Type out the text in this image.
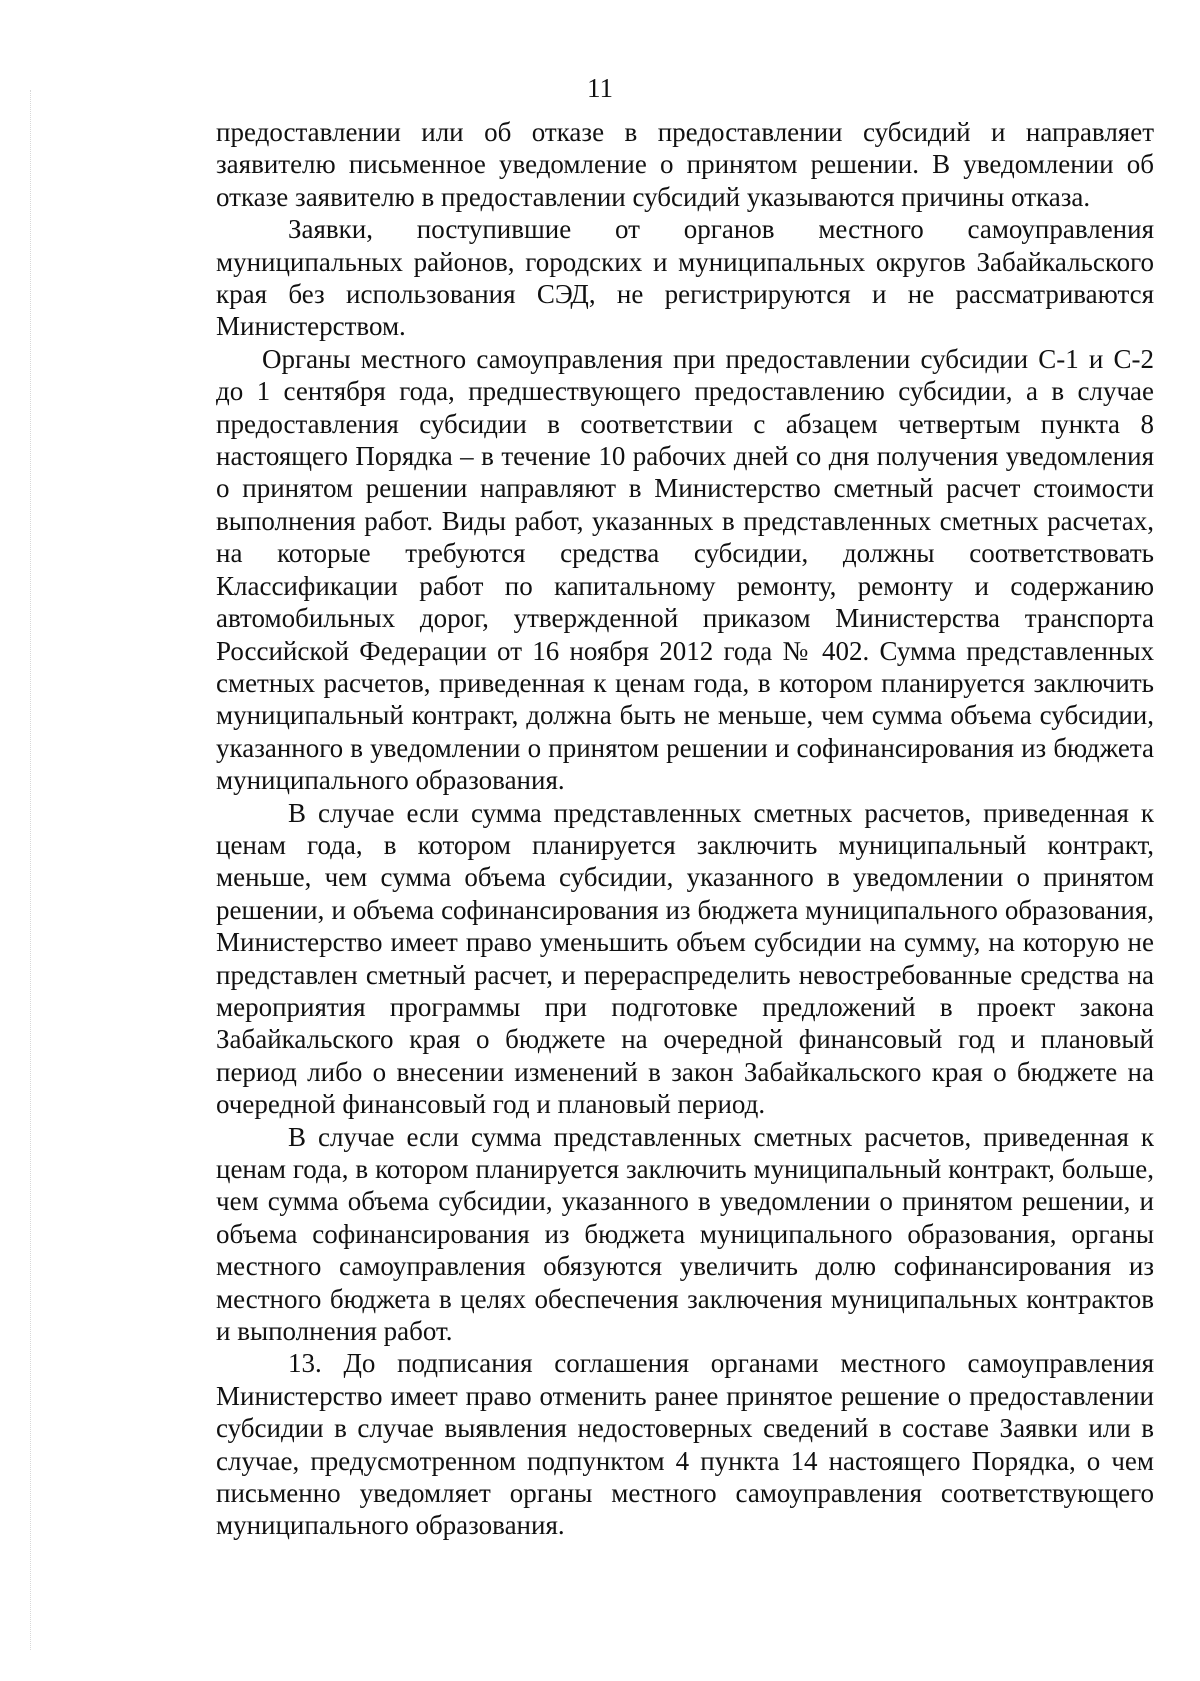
11

предоставлении или об отказе в предоставлении субсидий и направляет заявителю письменное уведомление о принятом решении. В уведомлении об отказе заявителю в предоставлении субсидий указываются причины отказа.

Заявки, поступившие от органов местного самоуправления муниципальных районов, городских и муниципальных округов Забайкальского края без использования СЭД, не регистрируются и не рассматриваются Министерством.

Органы местного самоуправления при предоставлении субсидии С-1 и С-2 до 1 сентября года, предшествующего предоставлению субсидии, а в случае предоставления субсидии в соответствии с абзацем четвертым пункта 8 настоящего Порядка – в течение 10 рабочих дней со дня получения уведомления о принятом решении направляют в Министерство сметный расчет стоимости выполнения работ. Виды работ, указанных в представленных сметных расчетах, на которые требуются средства субсидии, должны соответствовать Классификации работ по капитальному ремонту, ремонту и содержанию автомобильных дорог, утвержденной приказом Министерства транспорта Российской Федерации от 16 ноября 2012 года № 402. Сумма представленных сметных расчетов, приведенная к ценам года, в котором планируется заключить муниципальный контракт, должна быть не меньше, чем сумма объема субсидии, указанного в уведомлении о принятом решении и софинансирования из бюджета муниципального образования.

В случае если сумма представленных сметных расчетов, приведенная к ценам года, в котором планируется заключить муниципальный контракт, меньше, чем сумма объема субсидии, указанного в уведомлении о принятом решении, и объема софинансирования из бюджета муниципального образования, Министерство имеет право уменьшить объем субсидии на сумму, на которую не представлен сметный расчет, и перераспределить невостребованные средства на мероприятия программы при подготовке предложений в проект закона Забайкальского края о бюджете на очередной финансовый год и плановый период либо о внесении изменений в закон Забайкальского края о бюджете на очередной финансовый год и плановый период.

В случае если сумма представленных сметных расчетов, приведенная к ценам года, в котором планируется заключить муниципальный контракт, больше, чем сумма объема субсидии, указанного в уведомлении о принятом решении, и объема софинансирования из бюджета муниципального образования, органы местного самоуправления обязуются увеличить долю софинансирования из местного бюджета в целях обеспечения заключения муниципальных контрактов и выполнения работ.

13. До подписания соглашения органами местного самоуправления Министерство имеет право отменить ранее принятое решение о предоставлении субсидии в случае выявления недостоверных сведений в составе Заявки или в случае, предусмотренном подпунктом 4 пункта 14 настоящего Порядка, о чем письменно уведомляет органы местного самоуправления соответствующего муниципального образования.
